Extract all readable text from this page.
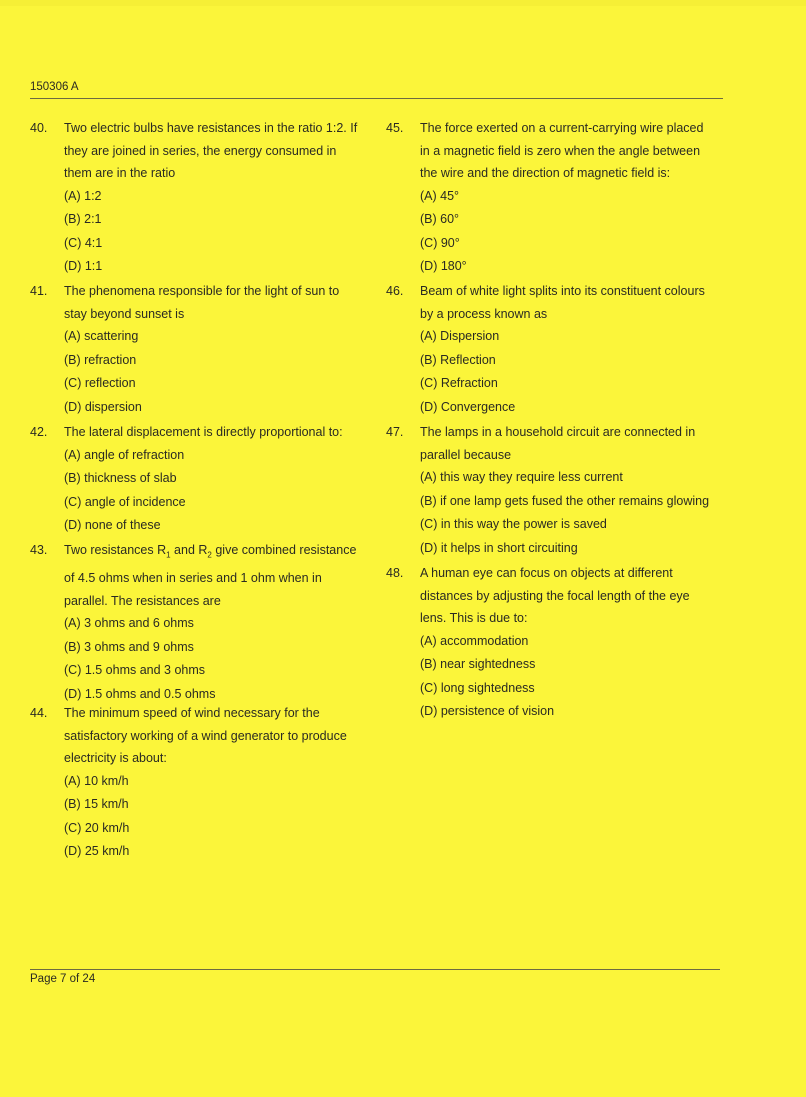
150306 A
40. Two electric bulbs have resistances in the ratio 1:2. If they are joined in series, the energy consumed in them are in the ratio
(A) 1:2
(B) 2:1
(C) 4:1
(D) 1:1
41. The phenomena responsible for the light of sun to stay beyond sunset is
(A) scattering
(B) refraction
(C) reflection
(D) dispersion
42. The lateral displacement is directly proportional to:
(A) angle of refraction
(B) thickness of slab
(C) angle of incidence
(D) none of these
43. Two resistances $R_1$ and $R_2$ give combined resistance of 4.5 ohms when in series and 1 ohm when in parallel. The resistances are
(A) 3 ohms and 6 ohms
(B) 3 ohms and 9 ohms
(C) 1.5 ohms and 3 ohms
(D) 1.5 ohms and 0.5 ohms
44. The minimum speed of wind necessary for the satisfactory working of a wind generator to produce electricity is about:
(A) 10 km/h
(B) 15 km/h
(C) 20 km/h
(D) 25 km/h
45. The force exerted on a current-carrying wire placed in a magnetic field is zero when the angle between the wire and the direction of magnetic field is:
(A) 45°
(B) 60°
(C) 90°
(D) 180°
46. Beam of white light splits into its constituent colours by a process known as
(A) Dispersion
(B) Reflection
(C) Refraction
(D) Convergence
47. The lamps in a household circuit are connected in parallel because
(A) this way they require less current
(B) if one lamp gets fused the other remains glowing
(C) in this way the power is saved
(D) it helps in short circuiting
48. A human eye can focus on objects at different distances by adjusting the focal length of the eye lens. This is due to:
(A) accommodation
(B) near sightedness
(C) long sightedness
(D) persistence of vision
Page 7 of 24
